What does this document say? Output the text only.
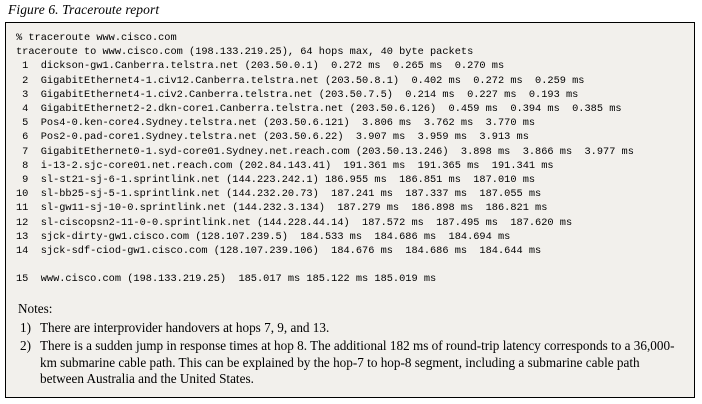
Figure 6. Traceroute report
% traceroute www.cisco.com
traceroute to www.cisco.com (198.133.219.25), 64 hops max, 40 byte packets
1  dickson-gw1.Canberra.telstra.net (203.50.0.1)  0.272 ms  0.265 ms  0.270 ms
2  GigabitEthernet4-1.civ12.Canberra.telstra.net (203.50.8.1)  0.402 ms  0.272 ms  0.259 ms
3  GigabitEthernet4-1.civ2.Canberra.telstra.net (203.50.7.5)  0.214 ms  0.227 ms  0.193 ms
4  GigabitEthernet2-2.dkn-core1.Canberra.telstra.net (203.50.6.126)  0.459 ms  0.394 ms  0.385 ms
5  Pos4-0.ken-core4.Sydney.telstra.net (203.50.6.121)  3.806 ms  3.762 ms  3.770 ms
6  Pos2-0.pad-core1.Sydney.telstra.net (203.50.6.22)  3.907 ms  3.959 ms  3.913 ms
7  GigabitEthernet0-1.syd-core01.Sydney.net.reach.com (203.50.13.246)  3.898 ms  3.866 ms  3.977 ms
8  i-13-2.sjc-core01.net.reach.com (202.84.143.41)  191.361 ms  191.365 ms  191.341 ms
9  sl-st21-sj-6-1.sprintlink.net (144.223.242.1) 186.955 ms  186.851 ms  187.010 ms
10  sl-bb25-sj-5-1.sprintlink.net (144.232.20.73)  187.241 ms  187.337 ms  187.055 ms
11  sl-gw11-sj-10-0.sprintlink.net (144.232.3.134)  187.279 ms  186.898 ms  186.821 ms
12  sl-ciscopsn2-11-0-0.sprintlink.net (144.228.44.14)  187.572 ms  187.495 ms  187.620 ms
13  sjck-dirty-gw1.cisco.com (128.107.239.5)  184.533 ms  184.686 ms  184.694 ms
14  sjck-sdf-ciod-gw1.cisco.com (128.107.239.106)  184.676 ms  184.686 ms  184.644 ms

15  www.cisco.com (198.133.219.25)  185.017 ms 185.122 ms 185.019 ms
Notes:
1) There are interprovider handovers at hops 7, 9, and 13.
2) There is a sudden jump in response times at hop 8. The additional 182 ms of round-trip latency corresponds to a 36,000-km submarine cable path. This can be explained by the hop-7 to hop-8 segment, including a submarine cable path between Australia and the United States.
